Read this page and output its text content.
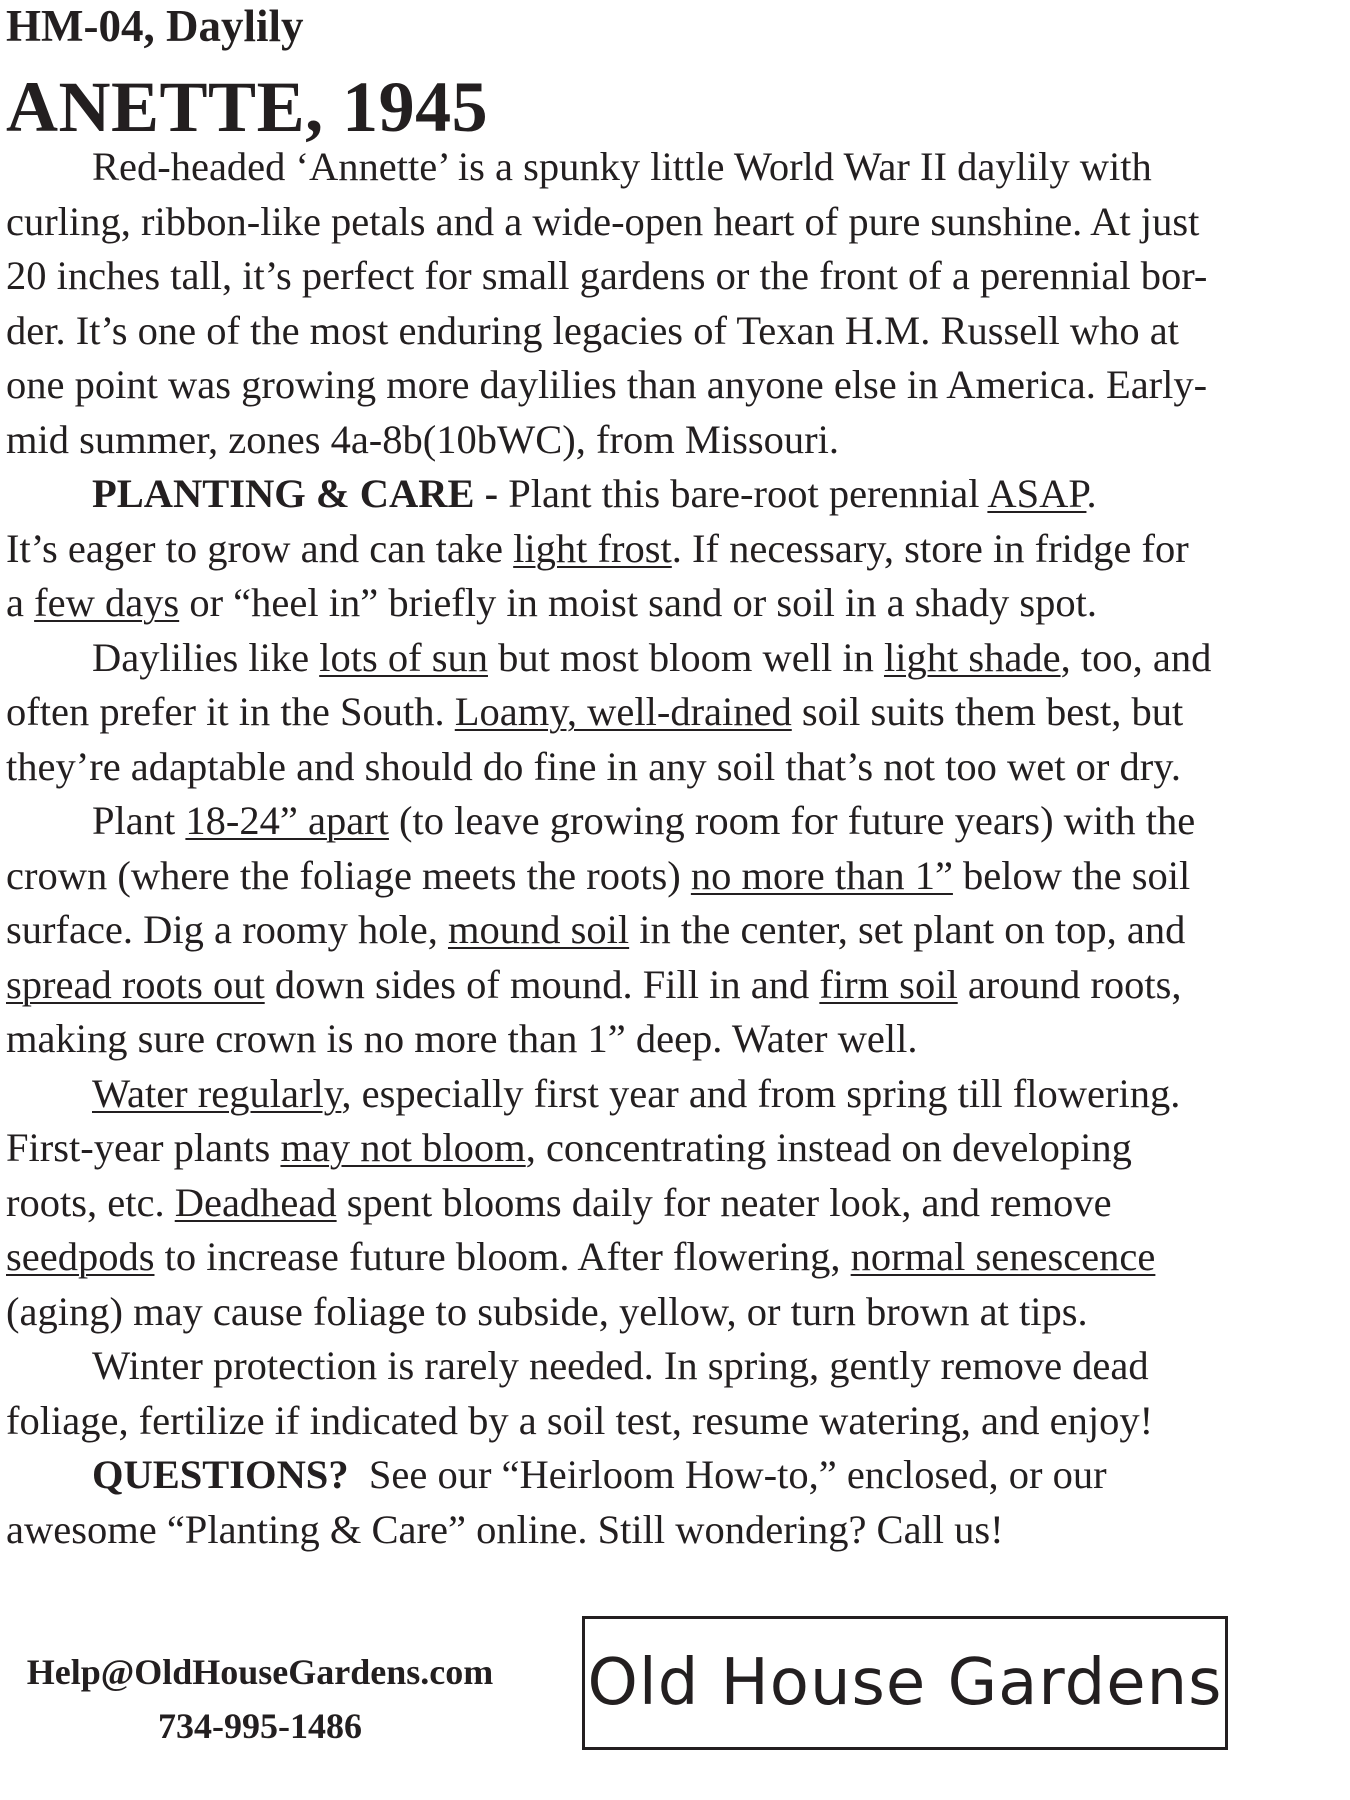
HM-04, Daylily
ANETTE, 1945
Red-headed ‘Annette’ is a spunky little World War II daylily with
curling, ribbon-like petals and a wide-open heart of pure sunshine. At just
20 inches tall, it’s perfect for small gardens or the front of a perennial bor-
der. It’s one of the most enduring legacies of Texan H.M. Russell who at
one point was growing more daylilies than anyone else in America. Early-
mid summer, zones 4a-8b(10bWC), from Missouri.
PLANTING & CARE - Plant this bare-root perennial ASAP.
It’s eager to grow and can take light frost. If necessary, store in fridge for
a few days or “heel in” briefly in moist sand or soil in a shady spot.
Daylilies like lots of sun but most bloom well in light shade, too, and
often prefer it in the South. Loamy, well-drained soil suits them best, but
they’re adaptable and should do fine in any soil that’s not too wet or dry.
Plant 18-24” apart (to leave growing room for future years) with the
crown (where the foliage meets the roots) no more than 1” below the soil
surface. Dig a roomy hole, mound soil in the center, set plant on top, and
spread roots out down sides of mound. Fill in and firm soil around roots,
making sure crown is no more than 1” deep. Water well.
Water regularly, especially first year and from spring till flowering.
First-year plants may not bloom, concentrating instead on developing
roots, etc. Deadhead spent blooms daily for neater look, and remove
seedpods to increase future bloom. After flowering, normal senescence
(aging) may cause foliage to subside, yellow, or turn brown at tips.
Winter protection is rarely needed. In spring, gently remove dead
foliage, fertilize if indicated by a soil test, resume watering, and enjoy!
QUESTIONS?  See our “Heirloom How-to,” enclosed, or our
awesome “Planting & Care” online. Still wondering? Call us!
Help@OldHouseGardens.com
734-995-1486
Old House Gardens
